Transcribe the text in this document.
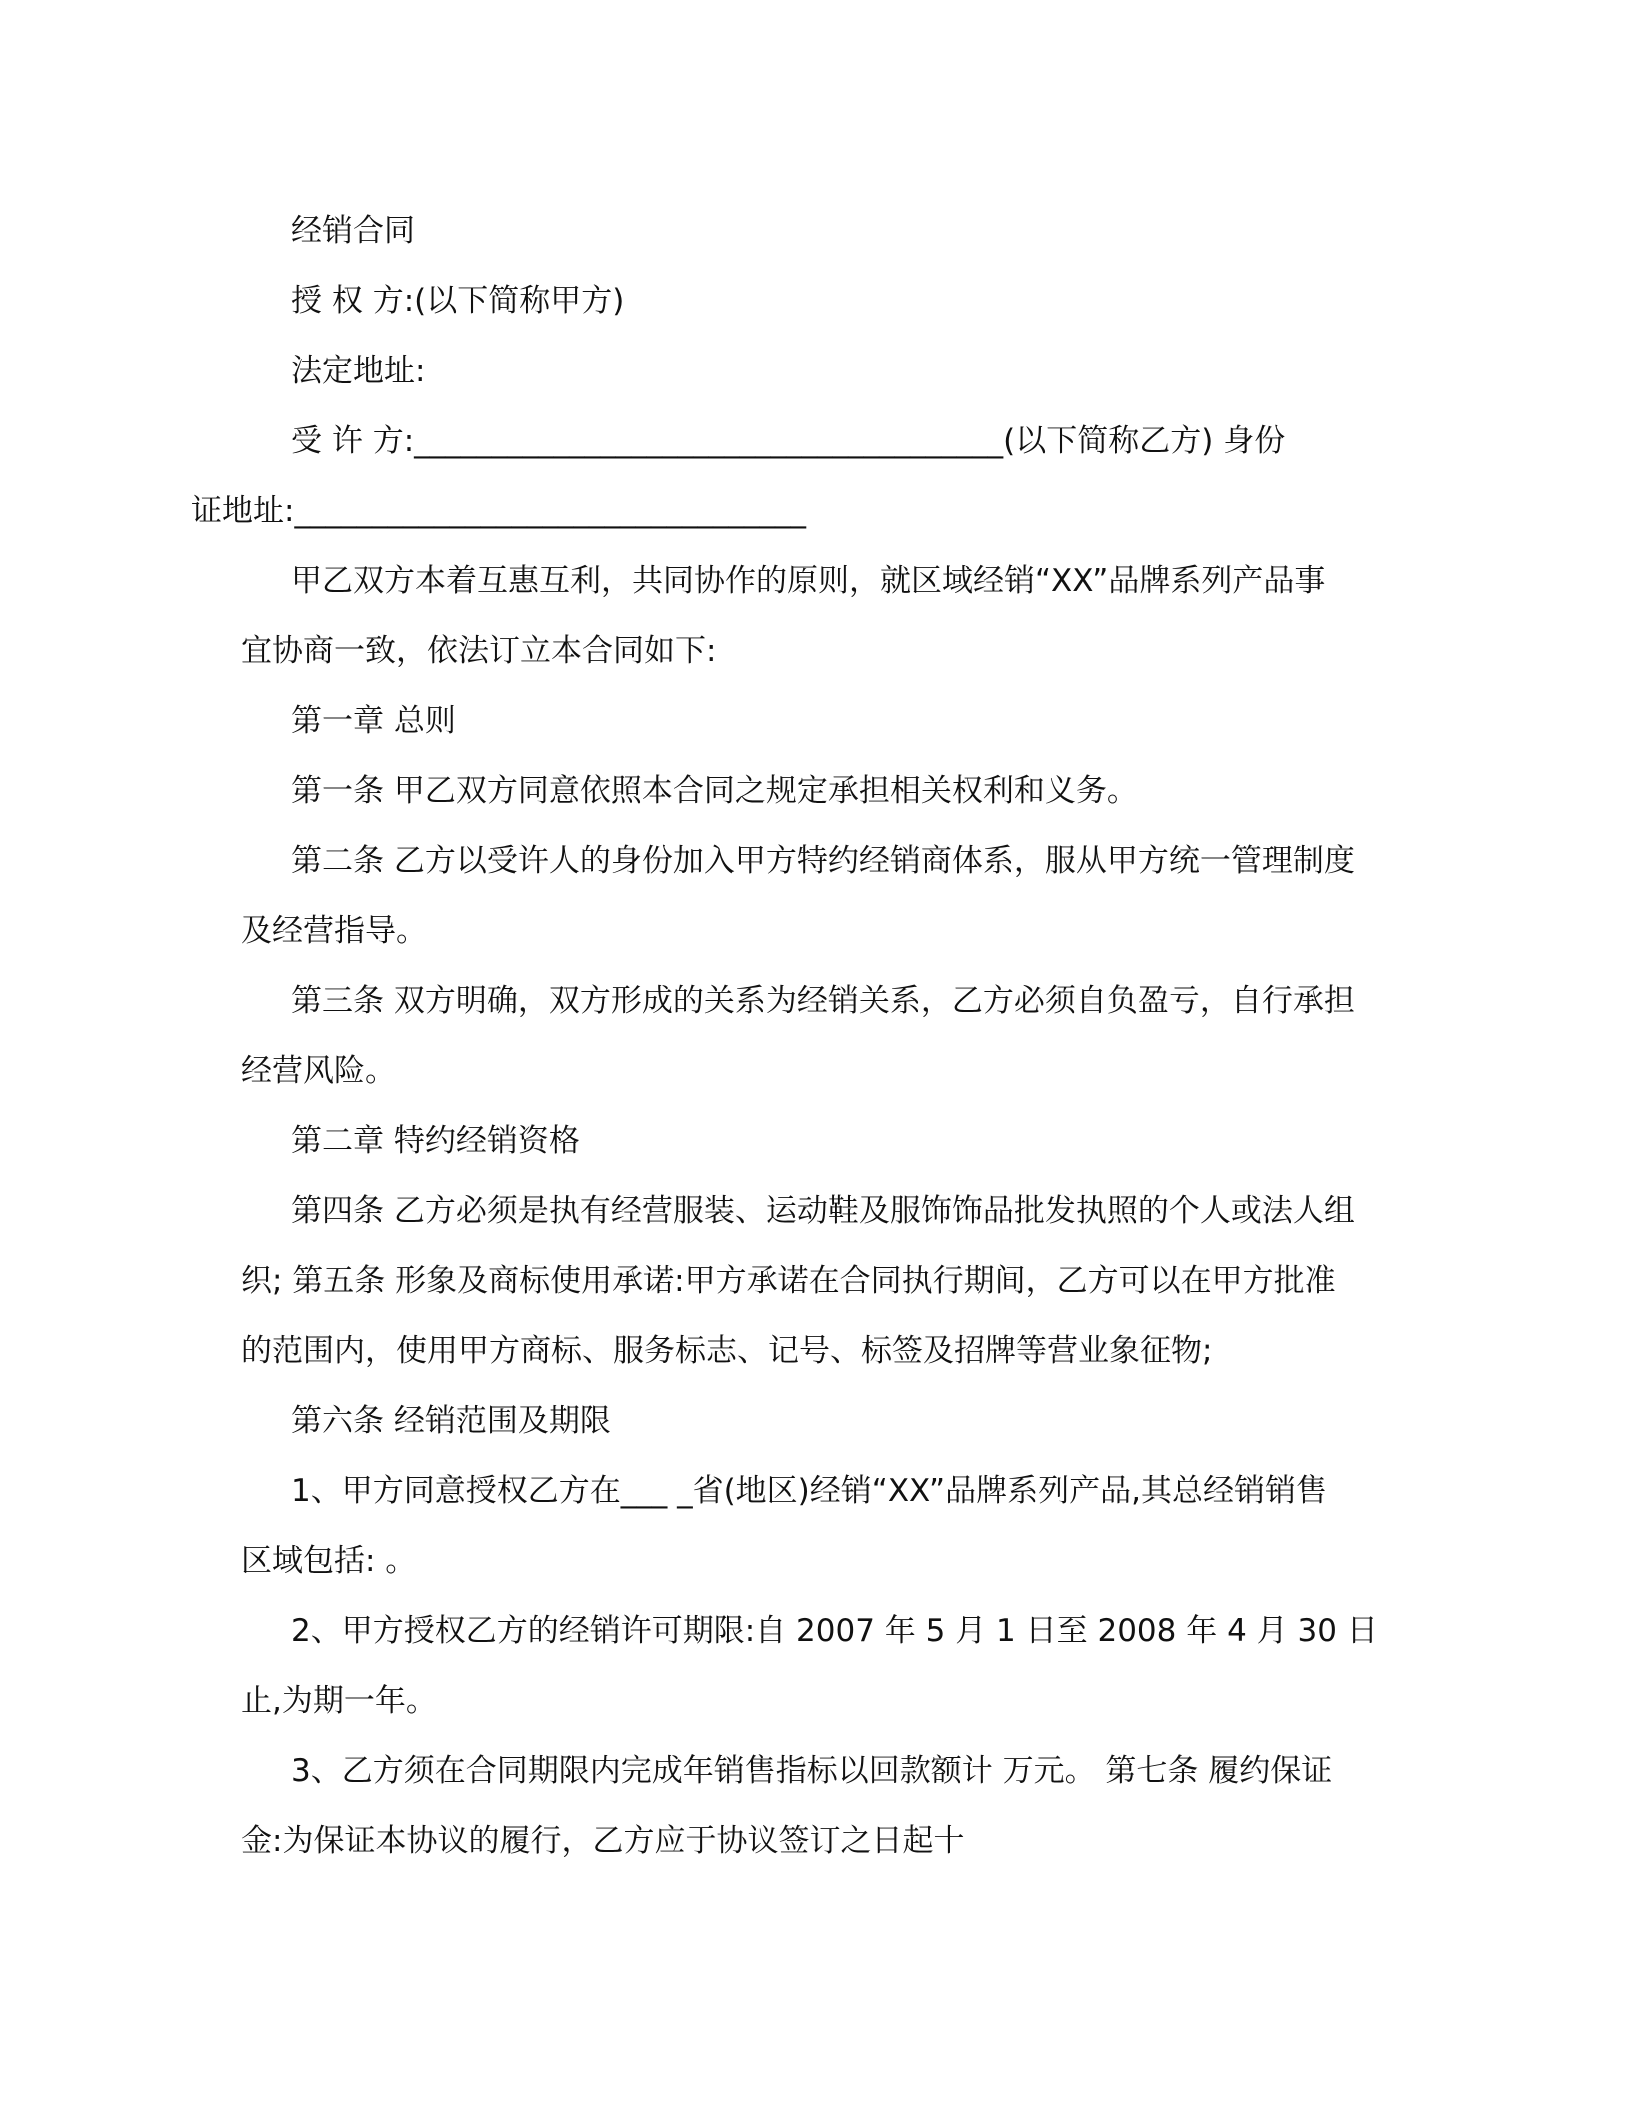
经销合同

授 权 方:(以下简称甲方)

法定地址:

受 许 方:______________________________________(以下简称乙方) 身份
证地址:_________________________________

甲乙双方本着互惠互利，共同协作的原则，就区域经销“XX”品牌系列产品事
宜协商一致，依法订立本合同如下:

第一章 总则

第一条 甲乙双方同意依照本合同之规定承担相关权利和义务。

第二条 乙方以受许人的身份加入甲方特约经销商体系，服从甲方统一管理制度
及经营指导。

第三条 双方明确，双方形成的关系为经销关系，乙方必须自负盈亏，自行承担
经营风险。

第二章 特约经销资格

第四条 乙方必须是执有经营服装、运动鞋及服饰饰品批发执照的个人或法人组
织; 第五条 形象及商标使用承诺:甲方承诺在合同执行期间，乙方可以在甲方批准
的范围内，使用甲方商标、服务标志、记号、标签及招牌等营业象征物;

第六条 经销范围及期限

1、甲方同意授权乙方在___ _省(地区)经销“XX”品牌系列产品,其总经销销售
区域包括: 。

2、甲方授权乙方的经销许可期限:自 2007 年 5 月 1 日至 2008 年 4 月 30 日
止,为期一年。

3、乙方须在合同期限内完成年销售指标以回款额计 万元。 第七条 履约保证
金:为保证本协议的履行，乙方应于协议签订之日起十
